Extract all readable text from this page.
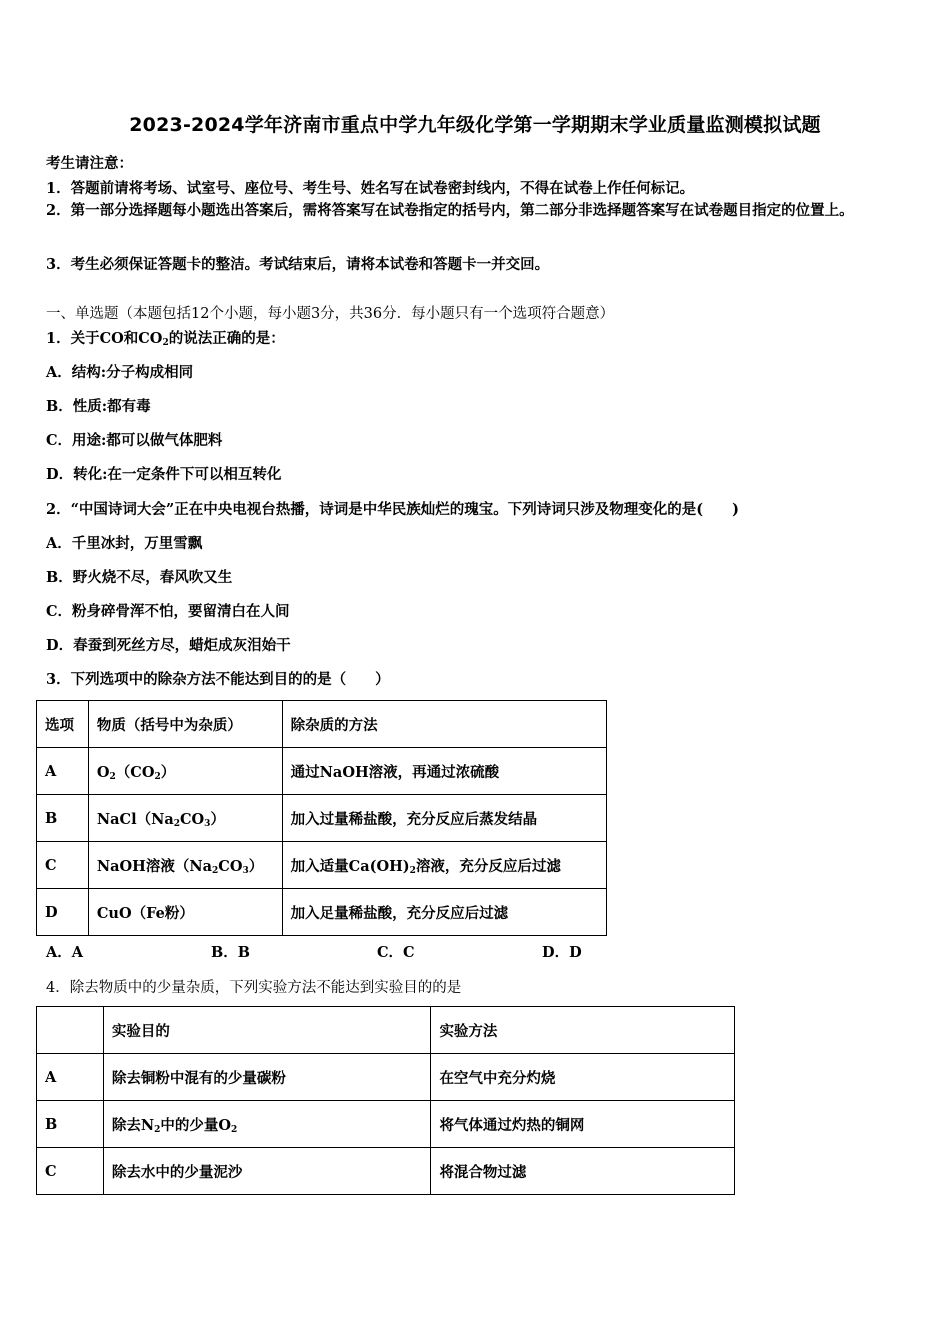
2023-2024学年济南市重点中学九年级化学第一学期期末学业质量监测模拟试题
考生请注意：
1．答题前请将考场、试室号、座位号、考生号、姓名写在试卷密封线内，不得在试卷上作任何标记。
2．第一部分选择题每小题选出答案后，需将答案写在试卷指定的括号内，第二部分非选择题答案写在试卷题目指定的位置上。
3．考生必须保证答题卡的整洁。考试结束后，请将本试卷和答题卡一并交回。
一、单选题（本题包括12个小题，每小题3分，共36分．每小题只有一个选项符合题意）
1．关于CO和$CO_2$的说法正确的是：
A．结构:分子构成相同
B．性质:都有毒
C．用途:都可以做气体肥料
D．转化:在一定条件下可以相互转化
2．“中国诗词大会”正在中央电视台热播，诗词是中华民族灿烂的瑰宝。下列诗词只涉及物理变化的是(　　)
A．千里冰封，万里雪飘
B．野火烧不尽，春风吹又生
C．粉身碎骨浑不怕，要留清白在人间
D．春蚕到死丝方尽，蜡炬成灰泪始干
3．下列选项中的除杂方法不能达到目的的是（　　）
选项	物质（括号中为杂质）	除杂质的方法
A	$O_2(CO_2)$	通过NaOH溶液，再通过浓硫酸
B	$NaCl(Na_2CO_3)$	加入过量稀盐酸，充分反应后蒸发结晶
C	NaOH溶液$(Na_2CO_3)$	加入适量$Ca(OH)_2$溶液，充分反应后过滤
D	CuO（Fe粉）	加入足量稀盐酸，充分反应后过滤
A．A	B．B	C．C	D．D
4．除去物质中的少量杂质，下列实验方法不能达到实验目的的是
	实验目的	实验方法
A	除去铜粉中混有的少量碳粉	在空气中充分灼烧
B	除去$N_2$中的少量$O_2$	将气体通过灼热的铜网
C	除去水中的少量泥沙	将混合物过滤
